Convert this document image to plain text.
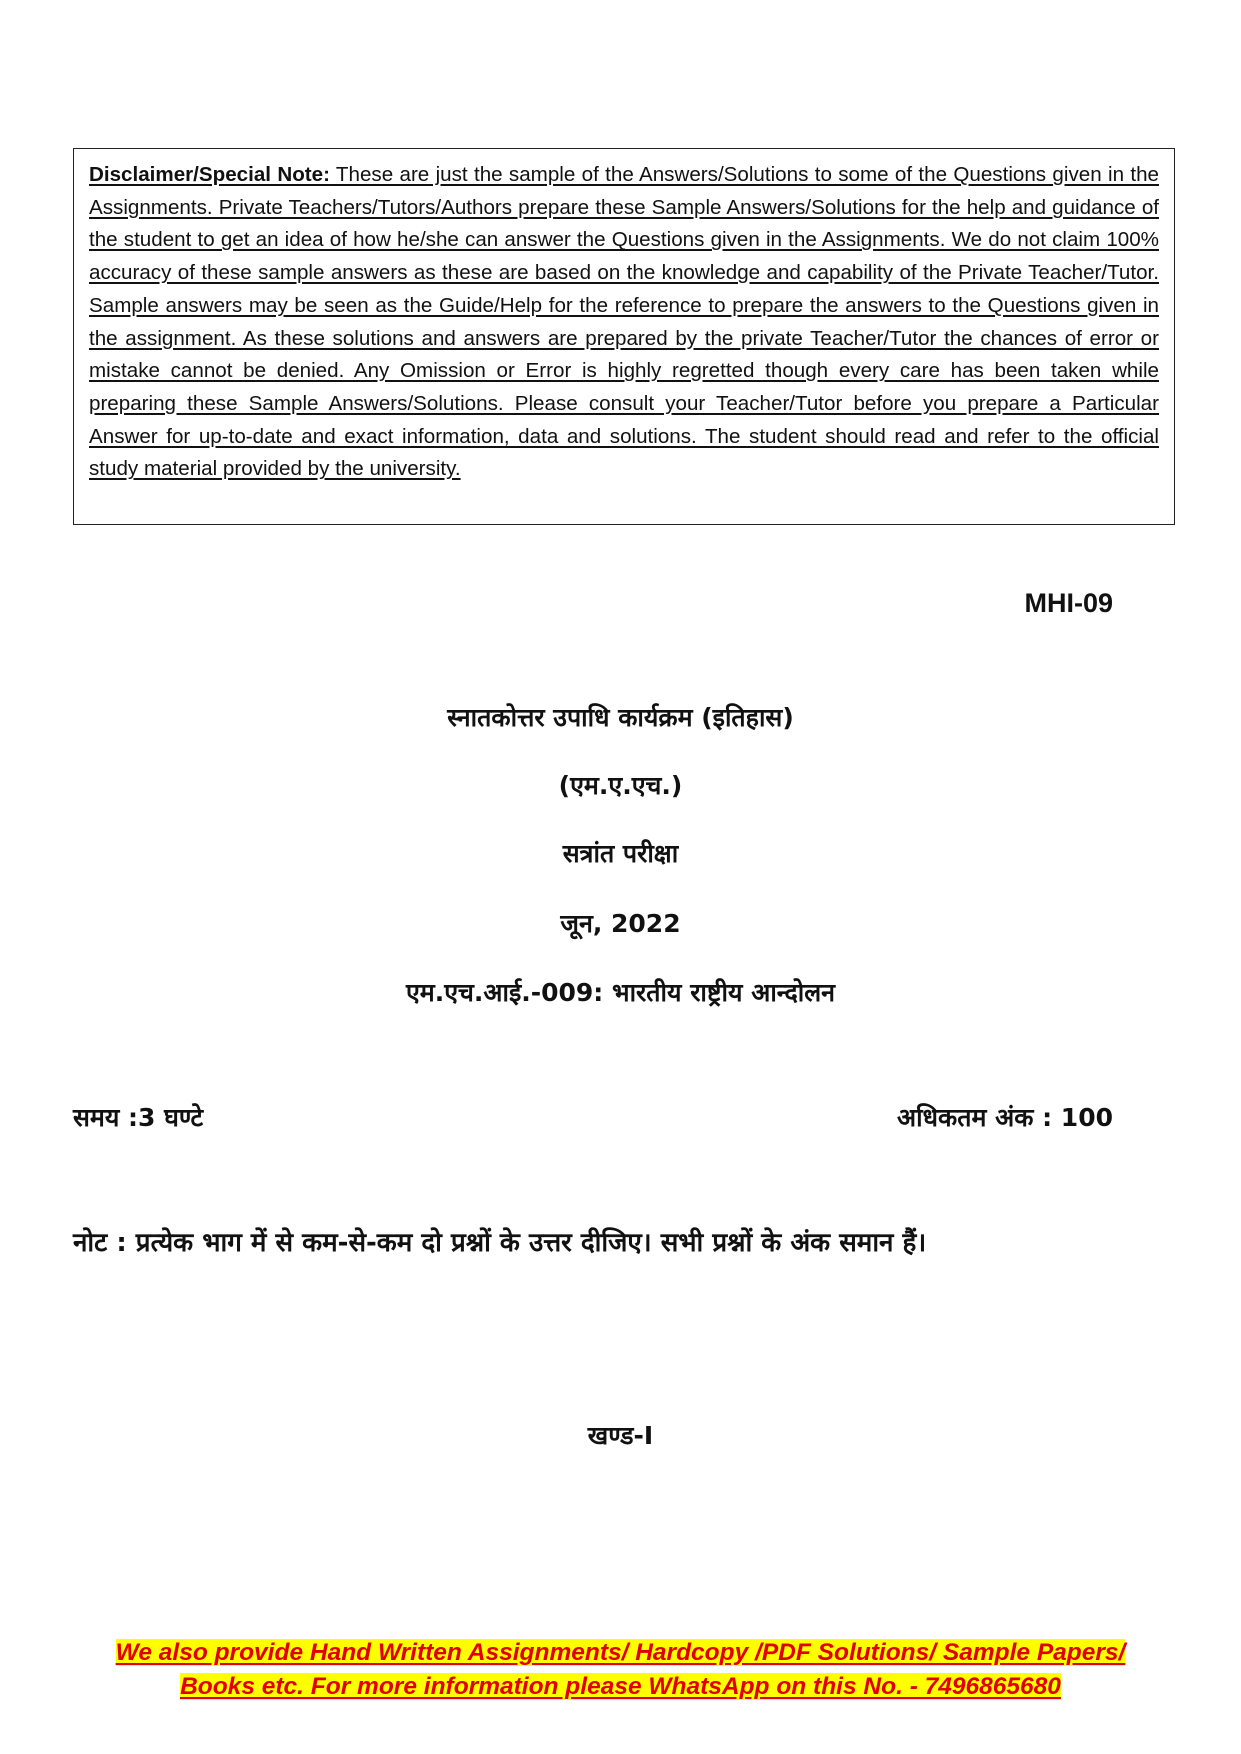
Disclaimer/Special Note: These are just the sample of the Answers/Solutions to some of the Questions given in the Assignments. Private Teachers/Tutors/Authors prepare these Sample Answers/Solutions for the help and guidance of the student to get an idea of how he/she can answer the Questions given in the Assignments. We do not claim 100% accuracy of these sample answers as these are based on the knowledge and capability of the Private Teacher/Tutor. Sample answers may be seen as the Guide/Help for the reference to prepare the answers to the Questions given in the assignment. As these solutions and answers are prepared by the private Teacher/Tutor the chances of error or mistake cannot be denied. Any Omission or Error is highly regretted though every care has been taken while preparing these Sample Answers/Solutions. Please consult your Teacher/Tutor before you prepare a Particular Answer for up-to-date and exact information, data and solutions. The student should read and refer to the official study material provided by the university.

MHI-09
स्नातकोत्तर उपाधि कार्यक्रम (इतिहास)
(एम.ए.एच.)
सत्रांत परीक्षा
जून, 2022
एम.एच.आई.-009: भारतीय राष्ट्रीय आन्दोलन
समय :3 घण्टे	अधिकतम अंक : 100

नोट : प्रत्येक भाग में से कम-से-कम दो प्रश्नों के उत्तर दीजिए। सभी प्रश्नों के अंक समान हैं।

खण्ड-I
We also provide Hand Written Assignments/ Hardcopy /PDF Solutions/ Sample Papers/
Books etc. For more information please WhatsApp on this No. - 7496865680
